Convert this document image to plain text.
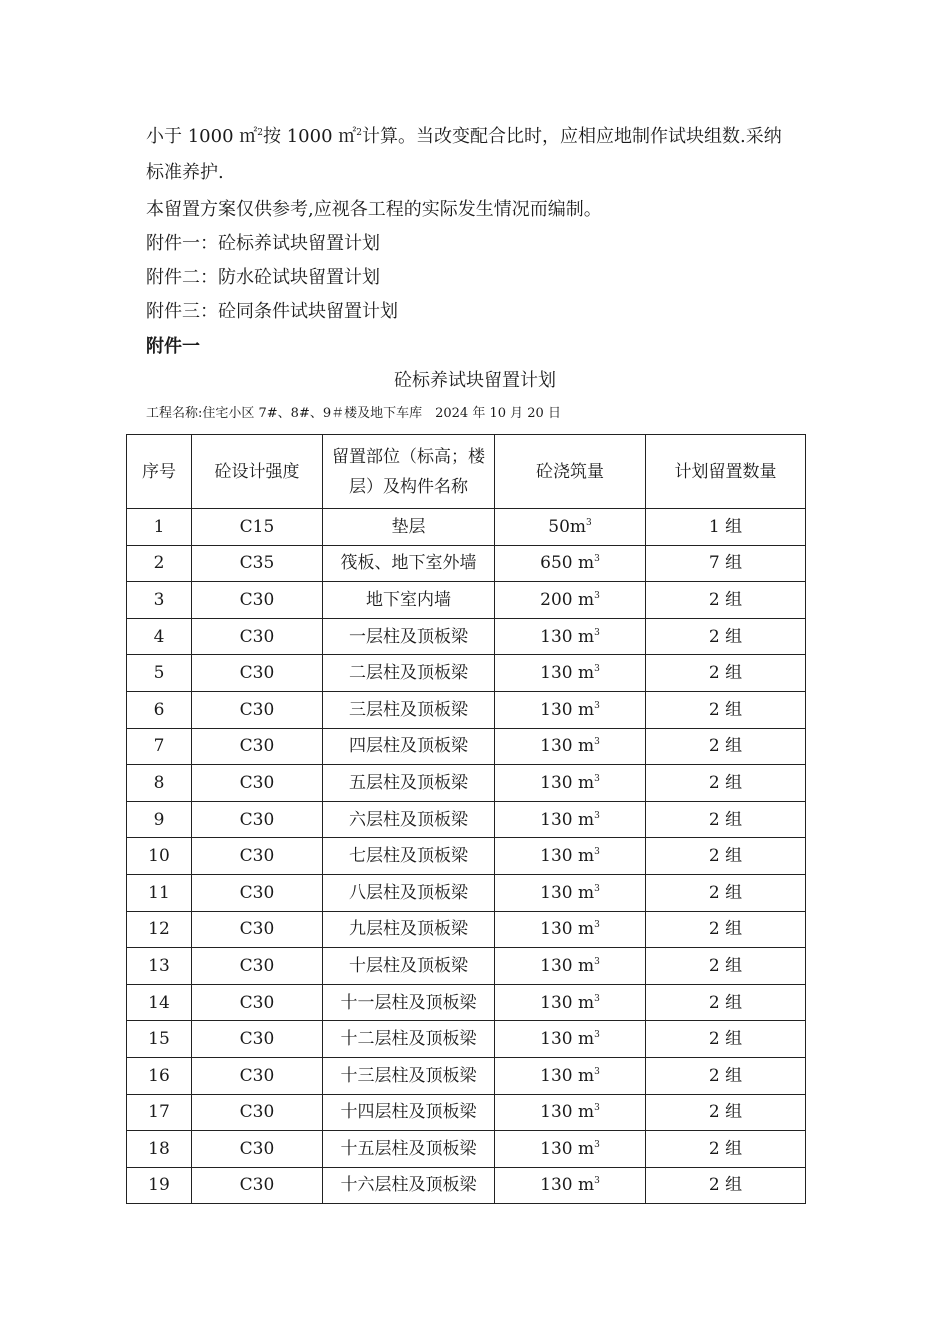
小于 1000 ㎡$^2$按 1000 ㎡$^2$计算。当改变配合比时，应相应地制作试块组数.采纳

标准养护.

本留置方案仅供参考,应视各工程的实际发生情况而编制。

附件一：砼标养试块留置计划

附件二：防水砼试块留置计划

附件三：砼同条件试块留置计划

附件一

砼标养试块留置计划
工程名称:住宅小区 7#、8#、9＃楼及地下车库　2024 年 10 月 20 日
序号	砼设计强度	留置部位（标高；楼层）及构件名称	砼浇筑量	计划留置数量
1	C15	垫层	$50m^3$	1 组
2	C35	筏板、地下室外墙	650 $m^3$	7 组
3	C30	地下室内墙	200 $m^3$	2 组
4	C30	一层柱及顶板梁	130 $m^3$	2 组
5	C30	二层柱及顶板梁	130 $m^3$	2 组
6	C30	三层柱及顶板梁	130 $m^3$	2 组
7	C30	四层柱及顶板梁	130 $m^3$	2 组
8	C30	五层柱及顶板梁	130 $m^3$	2 组
9	C30	六层柱及顶板梁	130 $m^3$	2 组
10	C30	七层柱及顶板梁	130 $m^3$	2 组
11	C30	八层柱及顶板梁	130 $m^3$	2 组
12	C30	九层柱及顶板梁	130 $m^3$	2 组
13	C30	十层柱及顶板梁	130 $m^3$	2 组
14	C30	十一层柱及顶板梁	130 $m^3$	2 组
15	C30	十二层柱及顶板梁	130 $m^3$	2 组
16	C30	十三层柱及顶板梁	130 $m^3$	2 组
17	C30	十四层柱及顶板梁	130 $m^3$	2 组
18	C30	十五层柱及顶板梁	130 $m^3$	2 组
19	C30	十六层柱及顶板梁	130 $m^3$	2 组
